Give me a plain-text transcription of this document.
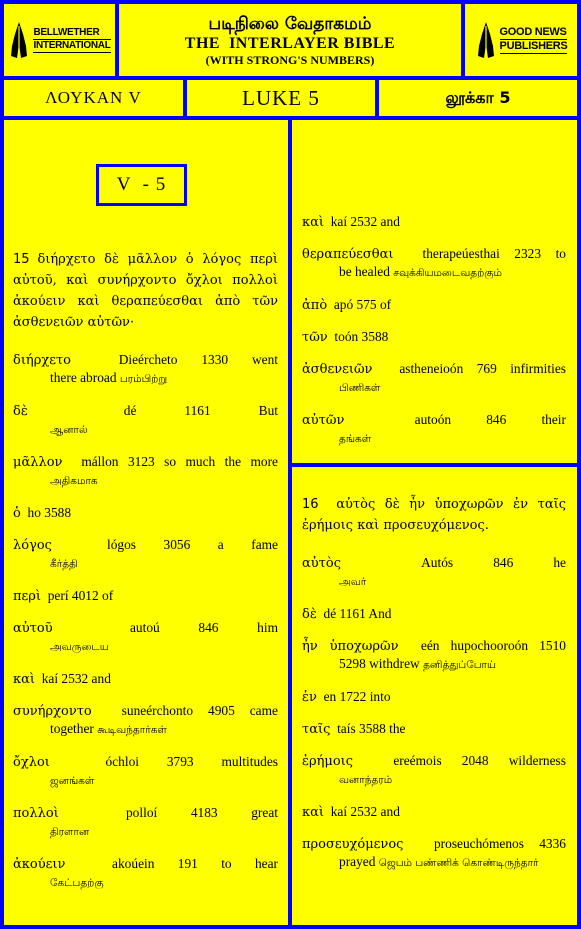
BELLWETHER
INTERNATIONAL
படிநிலை வேதாகமம்
THE  INTERLAYER BIBLE
(WITH STRONG'S NUMBERS)
GOOD NEWS
PUBLISHERS
ΛΟΥΚΑΝ V	LUKE 5	லூக்கா 5
V  - 5
15 διήρχετο δὲ μᾶλλον ὁ λόγος περὶ αὐτοῦ, καὶ συνήρχοντο ὄχλοι πολλοὶ ἀκούειν καὶ θεραπεύεσθαι ἀπὸ τῶν ἀσθενειῶν αὐτῶν·
διήρχετο	Dieércheto 1330 went
there abroad பரம்பிற்று
δὲ	dé 1161 But
ஆனால்
μᾶλλον mállon 3123 so much the more
அதிகமாக
ὁ ho 3588
λόγος	lógos 3056 a fame
கீர்த்தி
περὶ perí 4012 of
αὐτοῦ	autoú 846 him
அவருடைய
καὶ kaí 2532 and
συνήρχοντο suneérchonto 4905 came
together கூடிவந்தார்கள்
ὄχλοι	óchloi 3793 multitudes
ஜனங்கள்
πολλοὶ	polloí 4183 great
திரளான
ἀκούειν	akoúein 191 to hear
கேட்பதற்கு
καὶ kaí 2532 and
θεραπεύεσθαι therapeúesthai 2323 to
be healed சவுக்கியமடைவதற்கும்
ἀπὸ apó 575 of
τῶν toón 3588
ἀσθενειῶν astheneioón 769 infirmities
பிணிகள்
αὐτῶν	autoón 846 their
தங்கள்
16 αὐτὸς δὲ ἦν ὑποχωρῶν ἐν ταῖς ἐρήμοις καὶ προσευχόμενος.
αὐτὸς	Autós 846 he
அவர்
δὲ dé 1161 And
ἦν ὑποχωρῶν eén hupochooroón 1510
5298 withdrew தனித்துப்போய்
ἐν en 1722 into
ταῖς taís 3588 the
ἐρήμοις	ereémois 2048 wilderness
வனாந்தரம்
καὶ kaí 2532 and
προσευχόμενος proseuchómenos 4336
prayed ஜெபம் பண்ணிக் கொண்டிருந்தார்
